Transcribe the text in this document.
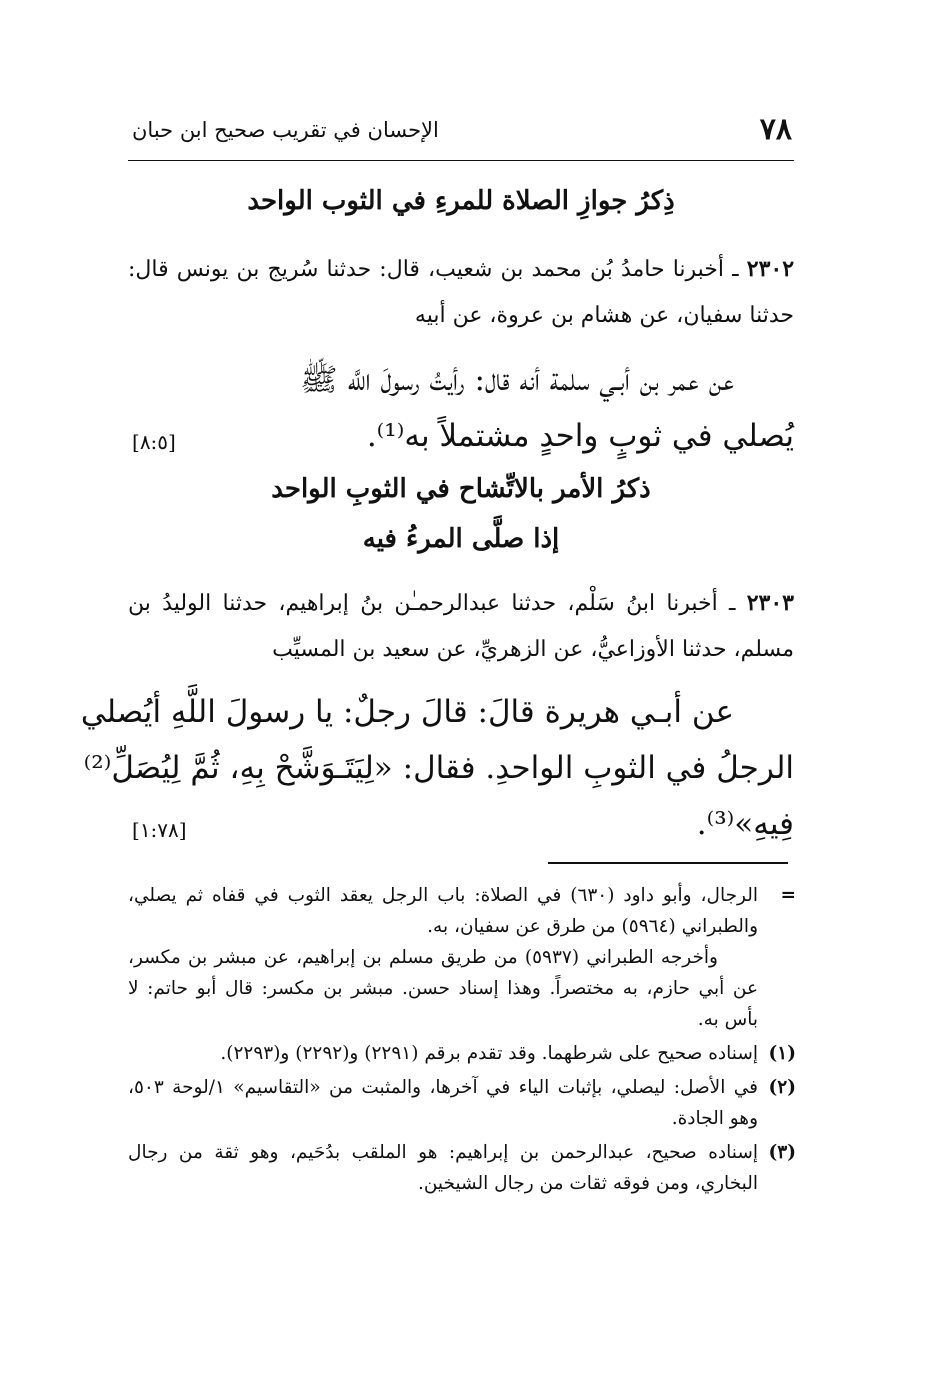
٧٨
الإحسان في تقريب صحيح ابن حبان
ذِكرُ جوازِ الصلاة للمرءِ في الثوب الواحد
٢٣٠٢ ـ أخبرنا حامدُ بُن محمد بن شعيب، قال: حدثنا سُريج بن يونس قال: حدثنا سفيان، عن هشام بن عروة، عن أبيه
عن عمر بن أبـي سلمة أنه قال: رأيتُ رسولَ اللَّه ﷺ
يُصلي في ثوبٍ واحدٍ مشتملاً به⁽¹⁾.
[٨:٥]
ذكرُ الأمر بالاتِّشاح في الثوبِ الواحد
إذا صلَّى المرءُ فيه
٢٣٠٣ ـ أخبرنا ابنُ سَلْم، حدثنا عبدالرحمـٰن بنُ إبراهيم، حدثنا الوليدُ بن مسلم، حدثنا الأوزاعيُّ، عن الزهريِّ، عن سعيد بن المسيِّب
عن أبـي هريرة قالَ: قالَ رجلٌ: يا رسولَ اللَّهِ أيُصلي
الرجلُ في الثوبِ الواحدِ. فقال: «لِيَتَـوَشَّحْ بِهِ، ثُمَّ لِيُصَلِّ⁽²⁾
فِيهِ»⁽³⁾.
[١:٧٨]
=

الرجال، وأبو داود (٦٣٠) في الصلاة: باب الرجل يعقد الثوب في قفاه ثم يصلي، والطبراني (٥٩٦٤) من طرق عن سفيان، به.

وأخرجه الطبراني (٥٩٣٧) من طريق مسلم بن إبراهيم، عن مبشر بن مكسر، عن أبي حازم، به مختصراً. وهذا إسناد حسن. مبشر بن مكسر: قال أبو حاتم: لا بأس به.

(١)

إسناده صحيح على شرطهما. وقد تقدم برقم (٢٢٩١) و(٢٢٩٢) و(٢٢٩٣).

(٢)

في الأصل: ليصلي، بإثبات الياء في آخرها، والمثبت من «التقاسيم» ١/لوحة ٥٠٣، وهو الجادة.

(٣)

إسناده صحيح، عبدالرحمن بن إبراهيم: هو الملقب بدُحَيم، وهو ثقة من رجال البخاري، ومن فوقه ثقات من رجال الشيخين.
